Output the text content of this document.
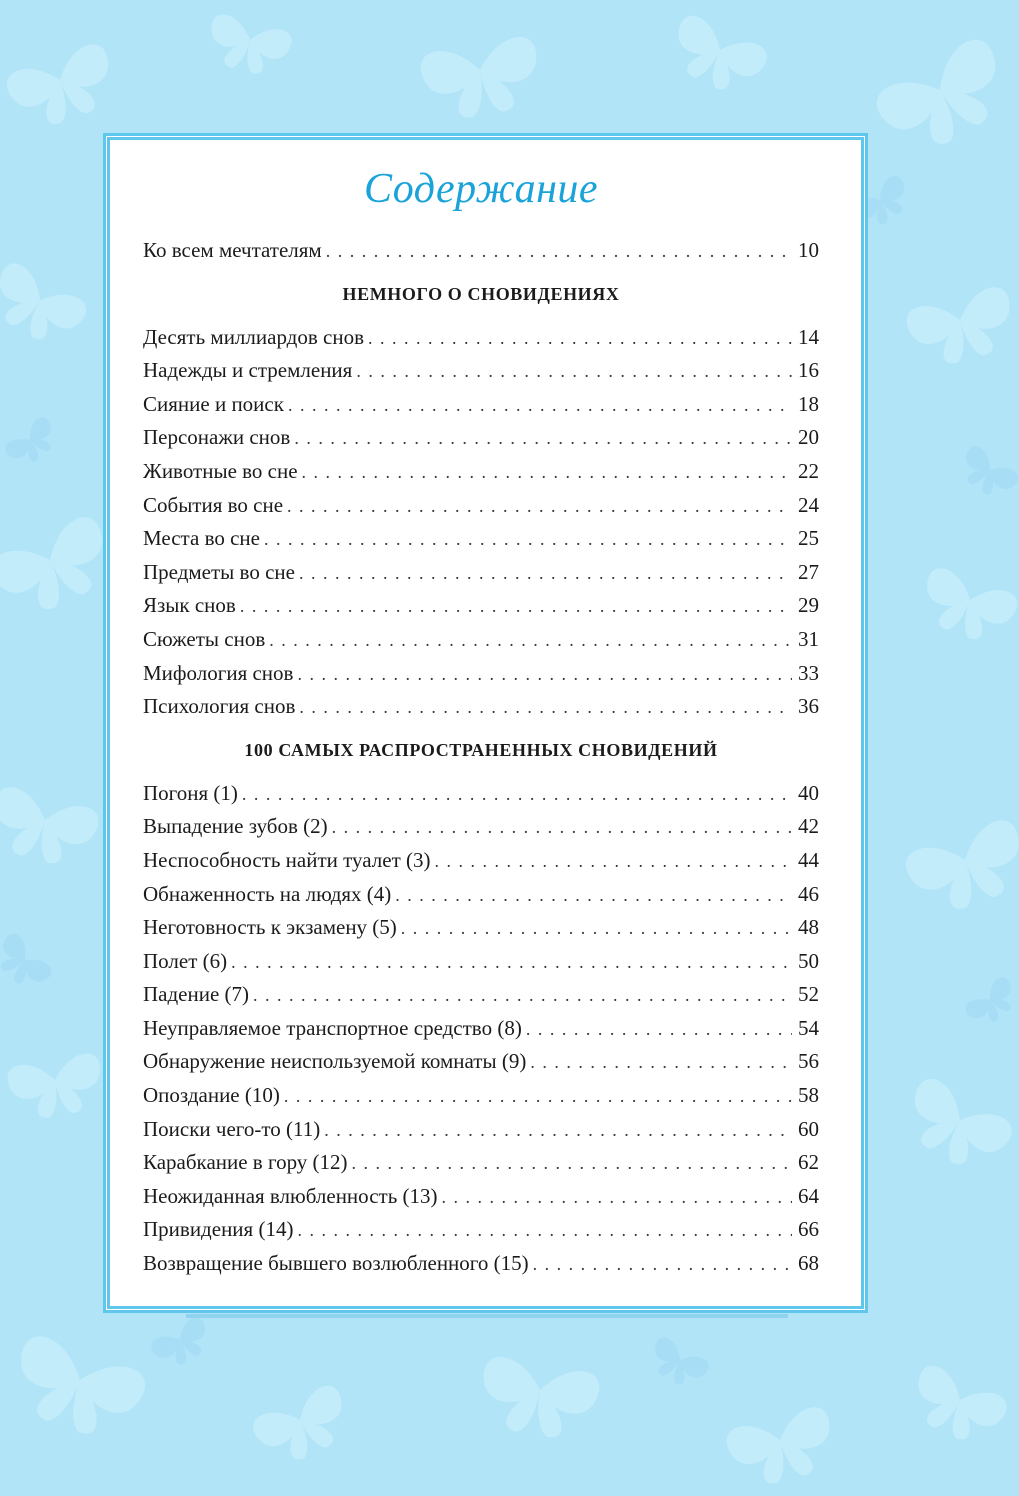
Содержание
Ко всем мечтателям . . .	10
НЕМНОГО О СНОВИДЕНИЯХ
Десять миллиардов снов . . .	14
Надежды и стремления . . .	16
Сияние и поиск . . .	18
Персонажи снов . . .	20
Животные во сне . . .	22
События во сне . . .	24
Места во сне . . .	25
Предметы во сне . . .	27
Язык снов . . .	29
Сюжеты снов . . .	31
Мифология снов . . .	33
Психология снов . . .	36
100 САМЫХ РАСПРОСТРАНЕННЫХ СНОВИДЕНИЙ
Погоня (1) . . .	40
Выпадение зубов (2) . . .	42
Неспособность найти туалет (3) . . .	44
Обнаженность на людях (4) . . .	46
Неготовность к экзамену (5) . . .	48
Полет (6) . . .	50
Падение (7) . . .	52
Неуправляемое транспортное средство (8) . . .	54
Обнаружение неиспользуемой комнаты (9) . . .	56
Опоздание (10) . . .	58
Поиски чего-то (11) . . .	60
Карабкание в гору (12) . . .	62
Неожиданная влюбленность (13) . . .	64
Привидения (14) . . .	66
Возвращение бывшего возлюбленного (15) . . .	68
